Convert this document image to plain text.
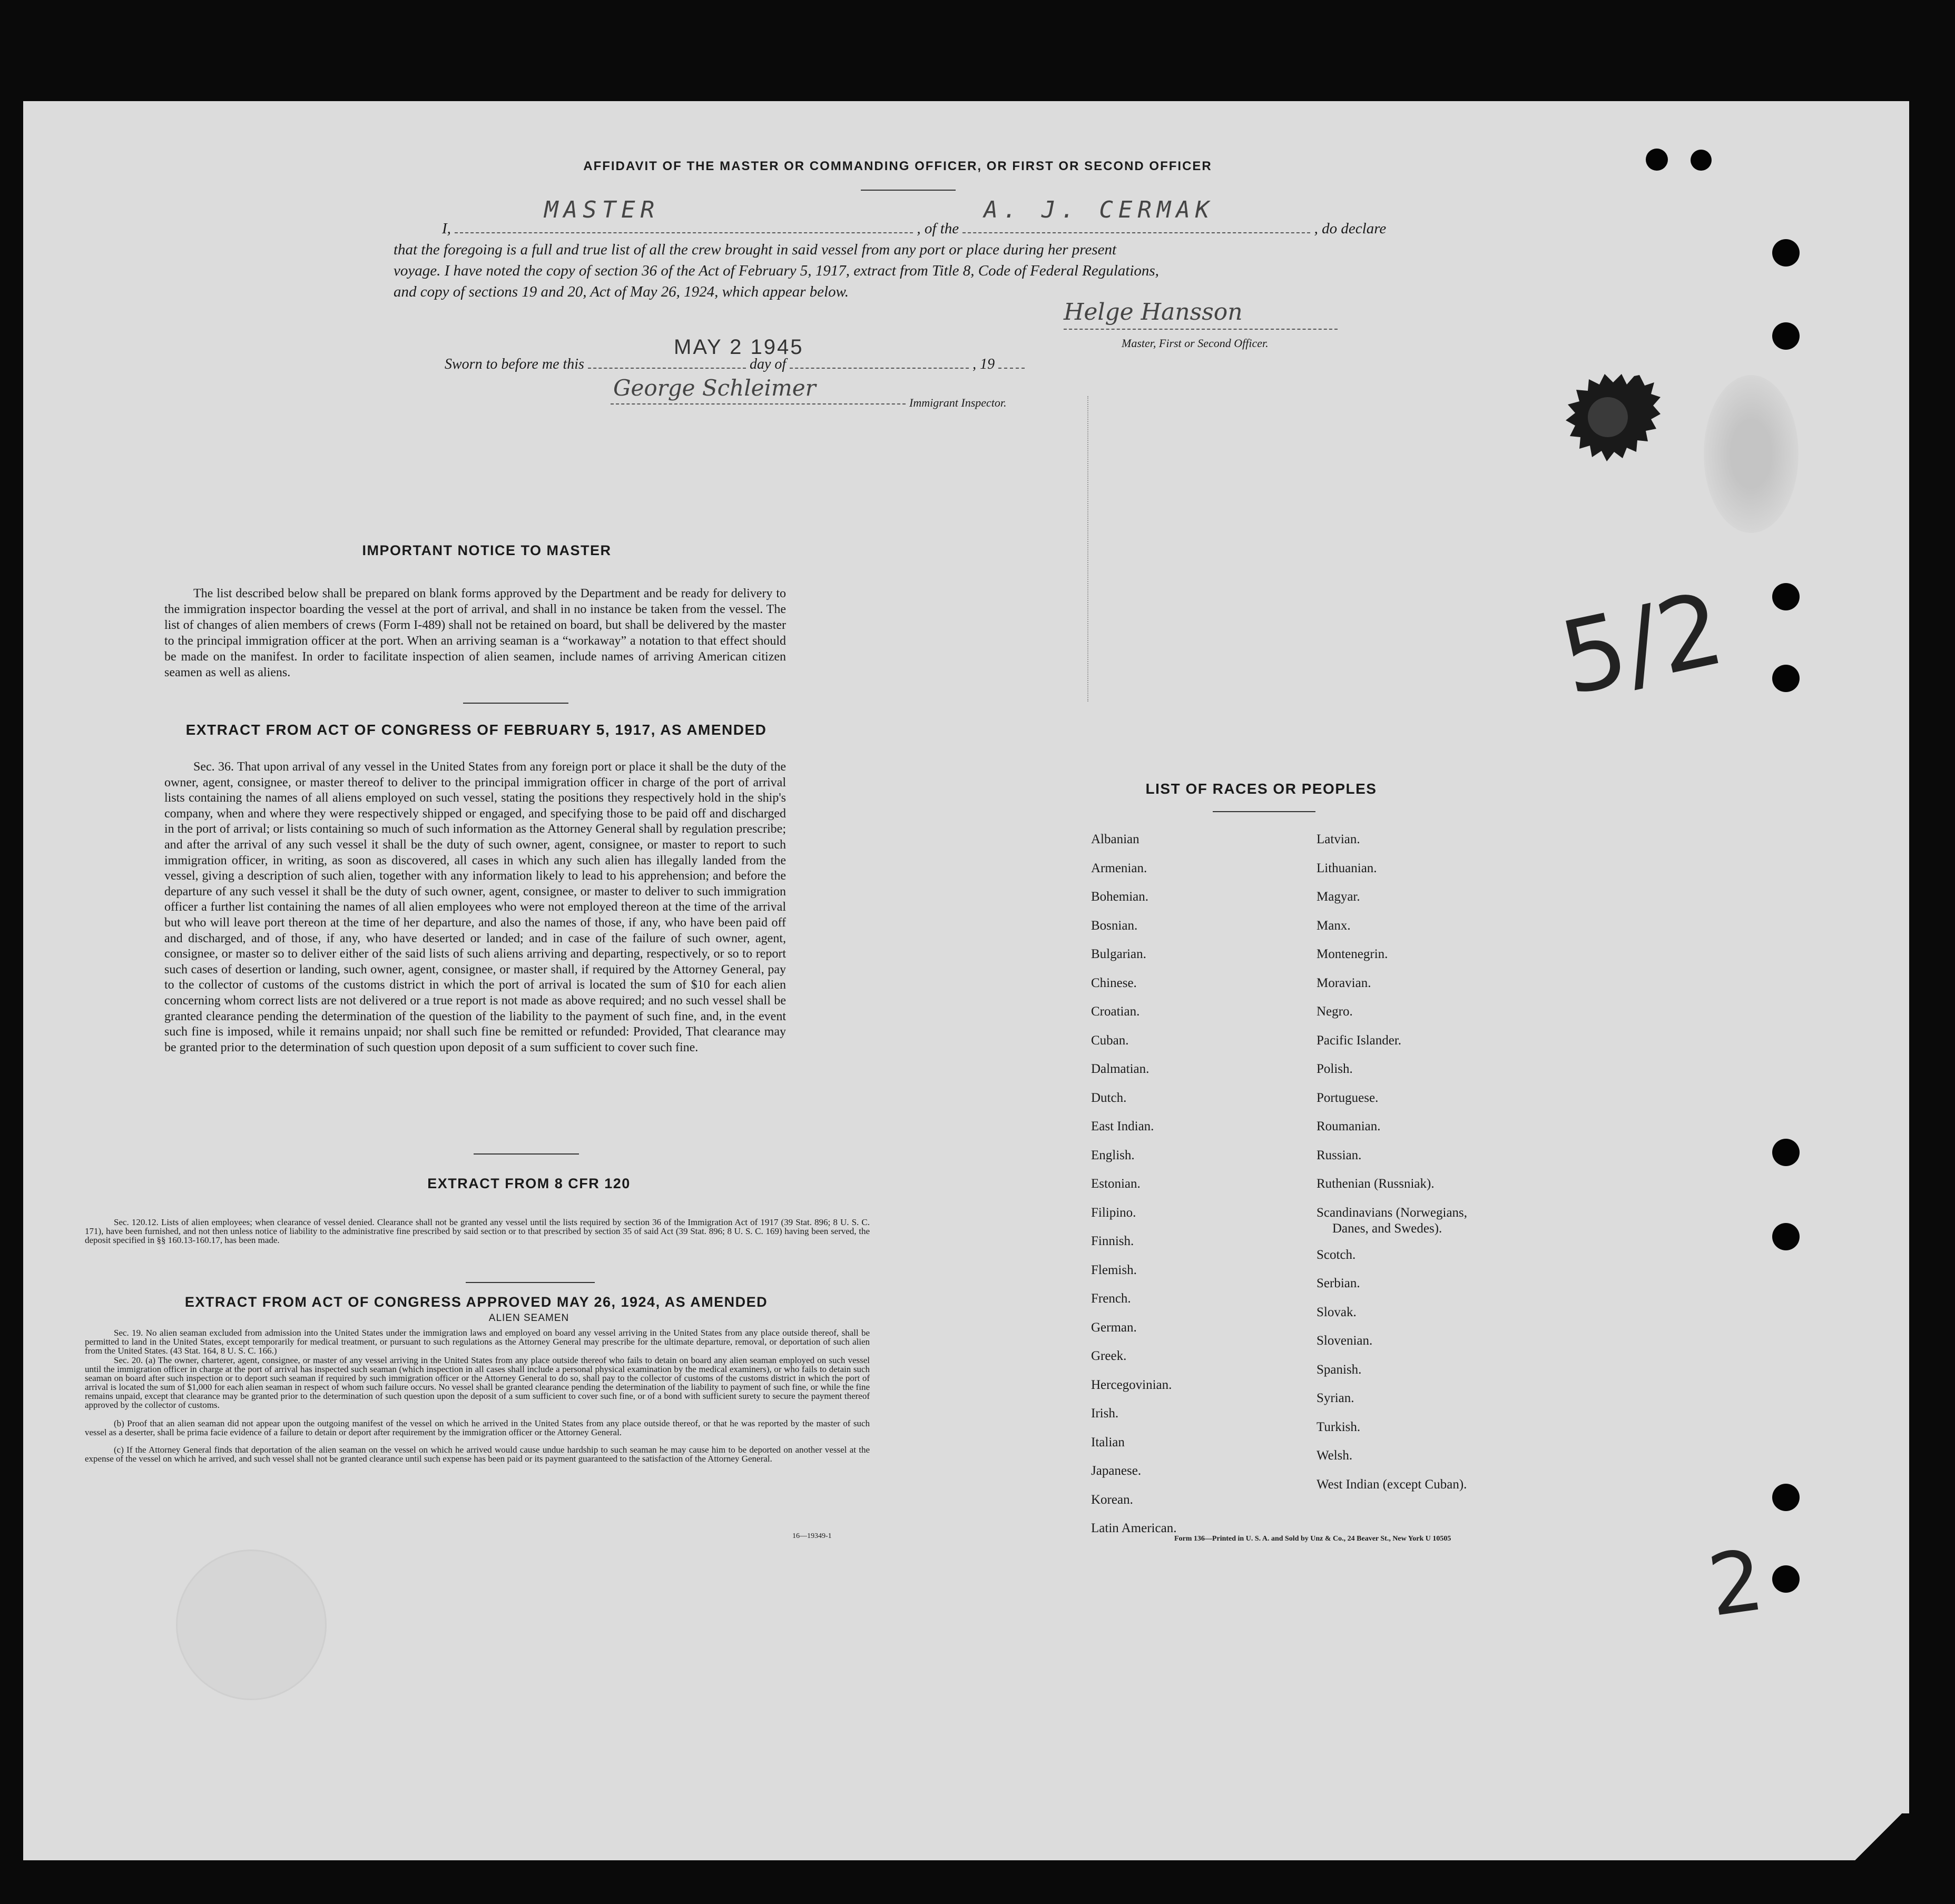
AFFIDAVIT OF THE MASTER OR COMMANDING OFFICER, OR FIRST OR SECOND OFFICER
I,
MASTER
, of the
A. J. CERMAK
, do declare
that the foregoing is a full and true list of all the crew brought in said vessel from any port or place during her present
voyage. I have noted the copy of section 36 of the Act of February 5, 1917, extract from Title 8, Code of Federal Regulations,
and copy of sections 19 and 20, Act of May 26, 1924, which appear below.
Helge Hansson
Master, First or Second Officer.
Sworn to before me this	day of	, 19
MAY 2 1945
George Schleimer
Immigrant Inspector.
IMPORTANT NOTICE TO MASTER
The list described below shall be prepared on blank forms approved by the Department and be ready for delivery to the immigration inspector boarding the vessel at the port of arrival, and shall in no instance be taken from the vessel. The list of changes of alien members of crews (Form I-489) shall not be retained on board, but shall be delivered by the master to the principal immigration officer at the port. When an arriving seaman is a “workaway” a notation to that effect should be made on the manifest. In order to facilitate inspection of alien seamen, include names of arriving American citizen seamen as well as aliens.
EXTRACT FROM ACT OF CONGRESS OF FEBRUARY 5, 1917, AS AMENDED
Sec. 36. That upon arrival of any vessel in the United States from any foreign port or place it shall be the duty of the owner, agent, consignee, or master thereof to deliver to the principal immigration officer in charge of the port of arrival lists containing the names of all aliens employed on such vessel, stating the positions they respectively hold in the ship's company, when and where they were respectively shipped or engaged, and specifying those to be paid off and discharged in the port of arrival; or lists containing so much of such information as the Attorney General shall by regulation prescribe; and after the arrival of any such vessel it shall be the duty of such owner, agent, consignee, or master to report to such immigration officer, in writing, as soon as discovered, all cases in which any such alien has illegally landed from the vessel, giving a description of such alien, together with any information likely to lead to his apprehension; and before the departure of any such vessel it shall be the duty of such owner, agent, consignee, or master to deliver to such immigration officer a further list containing the names of all alien employees who were not employed thereon at the time of the arrival but who will leave port thereon at the time of her departure, and also the names of those, if any, who have been paid off and discharged, and of those, if any, who have deserted or landed; and in case of the failure of such owner, agent, consignee, or master so to deliver either of the said lists of such aliens arriving and departing, respectively, or so to report such cases of desertion or landing, such owner, agent, consignee, or master shall, if required by the Attorney General, pay to the collector of customs of the customs district in which the port of arrival is located the sum of $10 for each alien concerning whom correct lists are not delivered or a true report is not made as above required; and no such vessel shall be granted clearance pending the determination of the question of the liability to the payment of such fine, and, in the event such fine is imposed, while it remains unpaid; nor shall such fine be remitted or refunded: Provided, That clearance may be granted prior to the determination of such question upon deposit of a sum sufficient to cover such fine.
EXTRACT FROM 8 CFR 120
Sec. 120.12. Lists of alien employees; when clearance of vessel denied. Clearance shall not be granted any vessel until the lists required by section 36 of the Immigration Act of 1917 (39 Stat. 896; 8 U. S. C. 171), have been furnished, and not then unless notice of liability to the administrative fine prescribed by said section or to that prescribed by section 35 of said Act (39 Stat. 896; 8 U. S. C. 169) having been served, the deposit specified in §§ 160.13-160.17, has been made.
EXTRACT FROM ACT OF CONGRESS APPROVED MAY 26, 1924, AS AMENDED
ALIEN SEAMEN
Sec. 19. No alien seaman excluded from admission into the United States under the immigration laws and employed on board any vessel arriving in the United States from any place outside thereof, shall be permitted to land in the United States, except temporarily for medical treatment, or pursuant to such regulations as the Attorney General may prescribe for the ultimate departure, removal, or deportation of such alien from the United States. (43 Stat. 164, 8 U. S. C. 166.)
Sec. 20. (a) The owner, charterer, agent, consignee, or master of any vessel arriving in the United States from any place outside thereof who fails to detain on board any alien seaman employed on such vessel until the immigration officer in charge at the port of arrival has inspected such seaman (which inspection in all cases shall include a personal physical examination by the medical examiners), or who fails to detain such seaman on board after such inspection or to deport such seaman if required by such immigration officer or the Attorney General to do so, shall pay to the collector of customs of the customs district in which the port of arrival is located the sum of $1,000 for each alien seaman in respect of whom such failure occurs. No vessel shall be granted clearance pending the determination of the liability to payment of such fine, or while the fine remains unpaid, except that clearance may be granted prior to the determination of such question upon the deposit of a sum sufficient to cover such fine, or of a bond with sufficient surety to secure the payment thereof approved by the collector of customs.
(b) Proof that an alien seaman did not appear upon the outgoing manifest of the vessel on which he arrived in the United States from any place outside thereof, or that he was reported by the master of such vessel as a deserter, shall be prima facie evidence of a failure to detain or deport after requirement by the immigration officer or the Attorney General.
(c) If the Attorney General finds that deportation of the alien seaman on the vessel on which he arrived would cause undue hardship to such seaman he may cause him to be deported on another vessel at the expense of the vessel on which he arrived, and such vessel shall not be granted clearance until such expense has been paid or its payment guaranteed to the satisfaction of the Attorney General.
16—19349-1
LIST OF RACES OR PEOPLES
Albanian
Armenian.
Bohemian.
Bosnian.
Bulgarian.
Chinese.
Croatian.
Cuban.
Dalmatian.
Dutch.
East Indian.
English.
Estonian.
Filipino.
Finnish.
Flemish.
French.
German.
Greek.
Hercegovinian.
Irish.
Italian
Japanese.
Korean.
Latin American.
Latvian.
Lithuanian.
Magyar.
Manx.
Montenegrin.
Moravian.
Negro.
Pacific Islander.
Polish.
Portuguese.
Roumanian.
Russian.
Ruthenian (Russniak).
Scandinavians (Norwegians,
Danes, and Swedes).
Scotch.
Serbian.
Slovak.
Slovenian.
Spanish.
Syrian.
Turkish.
Welsh.
West Indian (except Cuban).
Form 136—Printed in U. S. A. and Sold by Unz & Co., 24 Beaver St., New York U 10505
5/2
2
